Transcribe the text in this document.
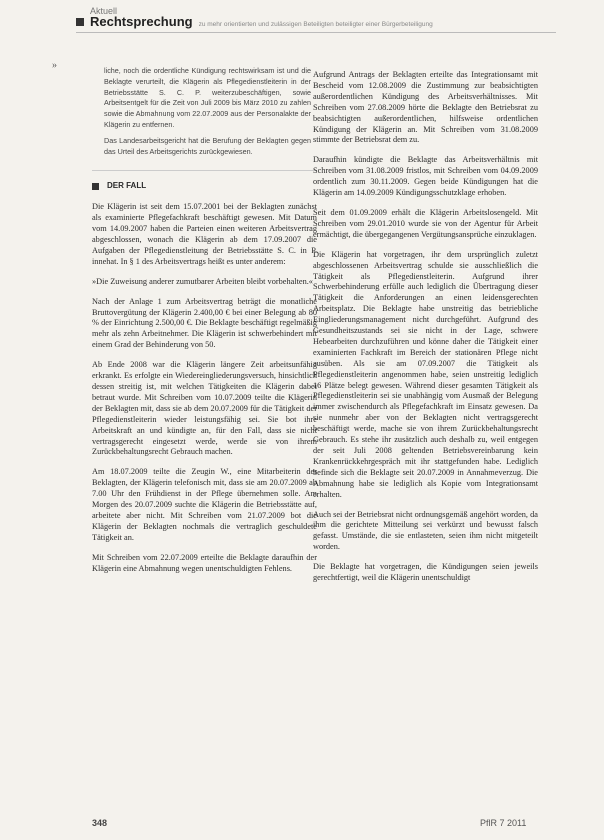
Aktuell
Rechtsprechung zu mehr orientierten und zulässigen Beteiligten beteiligter einer Bürgerbeteiligung
»	liche, noch die ordentliche Kündigung rechtswirksam ist und die Beklagte verurteilt, die Klägerin als Pflegedienstleiterin in der Betriebsstätte S. C. P. weiterzubeschäftigen, sowie Arbeitsentgelt für die Zeit von Juli 2009 bis März 2010 zu zahlen sowie die Abmahnung vom 22.07.2009 aus der Personalakte der Klägerin zu entfernen.

Das Landesarbeitsgericht hat die Berufung der Beklagten gegen das Urteil des Arbeitsgerichts zurückgewiesen.

DER FALL

Die Klägerin ist seit dem 15.07.2001 bei der Beklagten zunächst als examinierte Pflegefachkraft beschäftigt gewesen. Mit Datum vom 14.09.2007 haben die Parteien einen weiteren Arbeitsvertrag abgeschlossen, wonach die Klägerin ab dem 17.09.2007 die Aufgaben der Pflegedienstleitung der Betriebsstätte S. C. in P. innehat. In § 1 des Arbeitsvertrags heißt es unter anderem:

»Die Zuweisung anderer zumutbarer Arbeiten bleibt vorbehalten.«

Nach der Anlage 1 zum Arbeitsvertrag beträgt die monatliche Bruttovergütung der Klägerin 2.400,00 € bei einer Belegung ab 80 % der Einrichtung 2.500,00 €. Die Beklagte beschäftigt regelmäßig mehr als zehn Arbeitnehmer. Die Klägerin ist schwerbehindert mit einem Grad der Behinderung von 50.

Ab Ende 2008 war die Klägerin längere Zeit arbeitsunfähig erkrankt. Es erfolgte ein Wiedereingliederungsversuch, hinsichtlich dessen streitig ist, mit welchen Tätigkeiten die Klägerin dabei betraut wurde. Mit Schreiben vom 10.07.2009 teilte die Klägerin der Beklagten mit, dass sie ab dem 20.07.2009 für die Tätigkeit der Pflegedienstleiterin wieder leistungsfähig sei. Sie bot ihre Arbeitskraft an und kündigte an, für den Fall, dass sie nicht vertragsgerecht eingesetzt werde, werde sie von ihrem Zurückbehaltungsrecht Gebrauch machen.

Am 18.07.2009 teilte die Zeugin W., eine Mitarbeiterin der Beklagten, der Klägerin telefonisch mit, dass sie am 20.07.2009 ab 7.00 Uhr den Frühdienst in der Pflege übernehmen solle. Am Morgen des 20.07.2009 suchte die Klägerin die Betriebsstätte auf, arbeitete aber nicht. Mit Schreiben vom 21.07.2009 bot die Klägerin der Beklagten nochmals die vertraglich geschuldete Tätigkeit an.

Mit Schreiben vom 22.07.2009 erteilte die Beklagte daraufhin der Klägerin eine Abmahnung wegen unentschuldigten Fehlens.

Aufgrund Antrags der Beklagten erteilte das Integrationsamt mit Bescheid vom 12.08.2009 die Zustimmung zur beabsichtigten außerordentlichen Kündigung des Arbeitsverhältnisses. Mit Schreiben vom 27.08.2009 hörte die Beklagte den Betriebsrat zu beabsichtigten außerordentlichen, hilfsweise ordentlichen Kündigung der Klägerin an. Mit Schreiben vom 31.08.2009 stimmte der Betriebsrat dem zu.

Daraufhin kündigte die Beklagte das Arbeitsverhältnis mit Schreiben vom 31.08.2009 fristlos, mit Schreiben vom 04.09.2009 ordentlich zum 30.11.2009. Gegen beide Kündigungen hat die Klägerin am 14.09.2009 Kündigungsschutzklage erhoben.

Seit dem 01.09.2009 erhält die Klägerin Arbeitslosengeld. Mit Schreiben vom 29.01.2010 wurde sie von der Agentur für Arbeit ermächtigt, die übergegangenen Vergütungsansprüche einzuklagen.

Die Klägerin hat vorgetragen, ihr dem ursprünglich zuletzt abgeschlossenen Arbeitsvertrag schulde sie ausschließlich die Tätigkeit als Pflegedienstleiterin. Aufgrund ihrer Schwerbehinderung erfülle auch lediglich die Übertragung dieser Tätigkeit die Anforderungen an einen leidensgerechten Arbeitsplatz. Die Beklagte habe unstreitig das betriebliche Eingliederungsmanagement nicht durchgeführt. Aufgrund des Gesundheitszustands sei sie nicht in der Lage, schwere Hebearbeiten durchzuführen und könne daher die Tätigkeit einer examinierten Fachkraft im Bereich der stationären Pflege nicht ausüben. Als sie am 07.09.2007 die Tätigkeit als Pflegedienstleiterin angenommen habe, seien unstreitig lediglich 16 Plätze belegt gewesen. Während dieser gesamten Tätigkeit als Pflegedienstleiterin sei sie unabhängig vom Ausmaß der Belegung immer zwischendurch als Pflegefachkraft im Einsatz gewesen. Da sie nunmehr aber von der Beklagten nicht vertragsgerecht beschäftigt werde, mache sie von ihrem Zurückbehaltungsrecht Gebrauch. Es stehe ihr zusätzlich auch deshalb zu, weil entgegen der seit Juli 2008 geltenden Betriebsvereinbarung kein Krankenrückkehrgespräch mit ihr stattgefunden habe. Lediglich befinde sich die Beklagte seit 20.07.2009 in Annahmeverzug. Die Abmahnung habe sie lediglich als Kopie vom Integrationsamt erhalten.

Auch sei der Betriebsrat nicht ordnungsgemäß angehört worden, da ihm die gerichtete Mitteilung sei verkürzt und bewusst falsch gefasst. Umstände, die sie entlasteten, seien ihm nicht mitgeteilt worden.

Die Beklagte hat vorgetragen, die Kündigungen seien jeweils gerechtfertigt, weil die Klägerin unentschuldigt

348	PflR 7 2011
